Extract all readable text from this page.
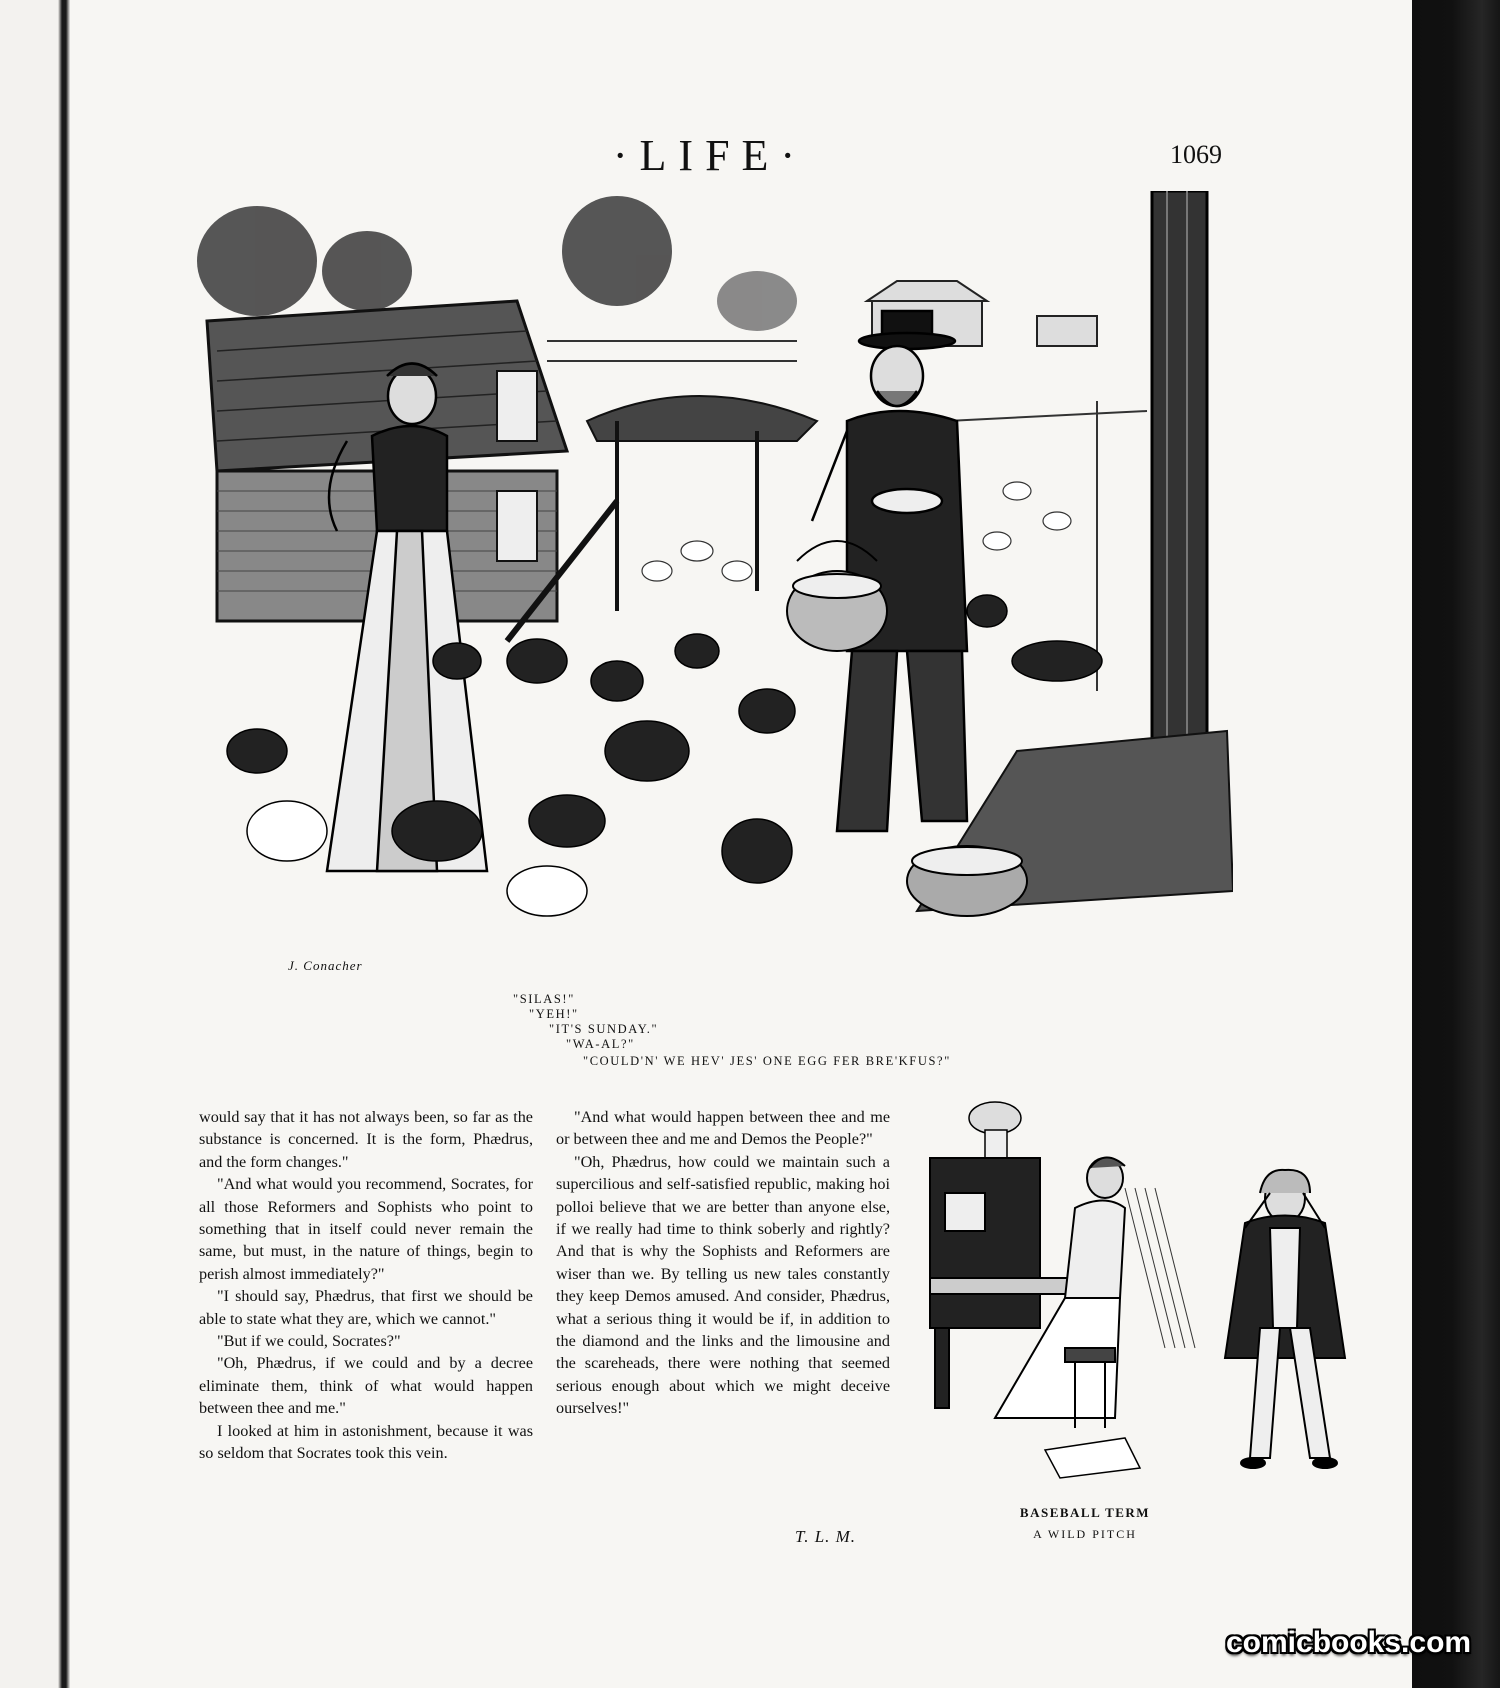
·LIFE·	1069
J. Conacher
"SILAS!"
"YEH!"
"IT'S SUNDAY."
"WA-AL?"
"COULD'N' WE HEV' JES' ONE EGG FER BRE'KFUS?"

would say that it has not always been, so far as the substance is concerned. It is the form, Phædrus, and the form changes."

"And what would you recommend, Socrates, for all those Reformers and Sophists who point to something that in itself could never remain the same, but must, in the nature of things, begin to perish almost immediately?"

"I should say, Phædrus, that first we should be able to state what they are, which we cannot."

"But if we could, Socrates?"

"Oh, Phædrus, if we could and by a decree eliminate them, think of what would happen between thee and me."

I looked at him in astonishment, because it was so seldom that Socrates took this vein.

"And what would happen between thee and me or between thee and me and Demos the People?"

"Oh, Phædrus, how could we maintain such a supercilious and self-satisfied republic, making hoi polloi believe that we are better than anyone else, if we really had time to think soberly and rightly? And that is why the Sophists and Reformers are wiser than we. By telling us new tales constantly they keep Demos amused. And consider, Phædrus, what a serious thing it would be if, in addition to the diamond and the links and the limousine and the scareheads, there were nothing that seemed serious enough about which we might deceive ourselves!"

T. L. M.
BASEBALL TERM
A WILD PITCH
comicbooks.com
